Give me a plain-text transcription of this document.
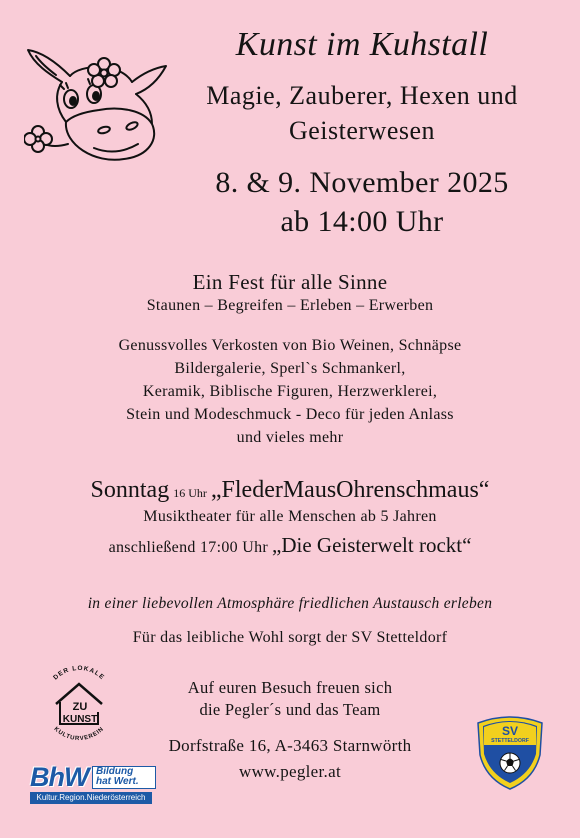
Kunst im Kuhstall
Magie, Zauberer, Hexen und
Geisterwesen
8. & 9. November 2025
ab 14:00 Uhr
Ein Fest für alle Sinne
Staunen – Begreifen – Erleben – Erwerben
Genussvolles Verkosten von Bio Weinen, Schnäpse
Bildergalerie, Sperl`s Schmankerl,
Keramik, Biblische Figuren, Herzwerklerei,
Stein und Modeschmuck - Deco für jeden Anlass
und vieles mehr
Sonntag 16 Uhr „FlederMausOhrenschmaus“
Musiktheater für alle Menschen ab 5 Jahren
anschließend 17:00 Uhr „Die Geisterwelt rockt“
in einer liebevollen Atmosphäre friedlichen Austausch erleben
Für das leibliche Wohl sorgt der SV Stetteldorf
Auf euren Besuch freuen sich
die Pegler´s und das Team
Dorfstraße 16, A-3463 Starnwörth
www.pegler.at
DER LOKALE
KULTURVEREIN
ZU
KUNST
BhW Bildung
hat Wert.
Kultur.Region.Niederösterreich
SV
STETTELDORF
